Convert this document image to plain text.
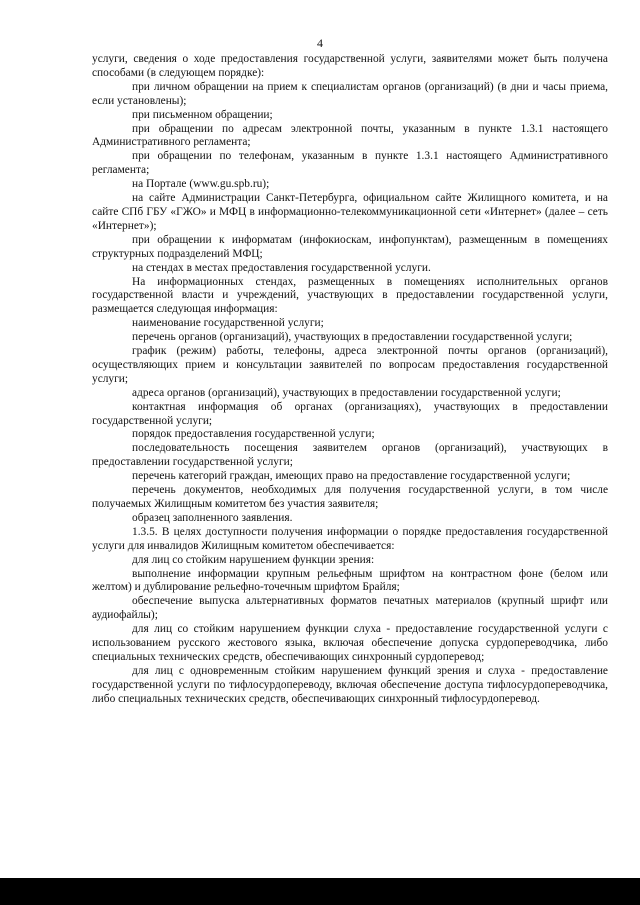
4

услуги, сведения о ходе предоставления государственной услуги, заявителями может быть получена способами (в следующем порядке):

при личном обращении на прием к специалистам органов (организаций) (в дни и часы приема, если установлены);

при письменном обращении;

при обращении по адресам электронной почты, указанным в пункте 1.3.1 настоящего Административного регламента;

при обращении по телефонам, указанным в пункте 1.3.1 настоящего Административного регламента;

на Портале (www.gu.spb.ru);

на сайте Администрации Санкт-Петербурга, официальном сайте Жилищного комитета, и на сайте СПб ГБУ «ГЖО» и МФЦ в информационно-телекоммуникационной сети «Интернет» (далее – сеть «Интернет»);

при обращении к информатам (инфокиоскам, инфопунктам), размещенным в помещениях структурных подразделений МФЦ;

на стендах в местах предоставления государственной услуги.

На информационных стендах, размещенных в помещениях исполнительных органов государственной власти и учреждений, участвующих в предоставлении государственной услуги, размещается следующая информация:

наименование государственной услуги;

перечень органов (организаций), участвующих в предоставлении государственной услуги;

график (режим) работы, телефоны, адреса электронной почты органов (организаций), осуществляющих прием и консультации заявителей по вопросам предоставления государственной услуги;

адреса органов (организаций), участвующих в предоставлении государственной услуги;

контактная информация об органах (организациях), участвующих в предоставлении государственной услуги;

порядок предоставления государственной услуги;

последовательность посещения заявителем органов (организаций), участвующих в предоставлении государственной услуги;

перечень категорий граждан, имеющих право на предоставление государственной услуги;

перечень документов, необходимых для получения государственной услуги, в том числе получаемых Жилищным комитетом без участия заявителя;

образец заполненного заявления.

1.3.5. В целях доступности получения информации о порядке предоставления государственной услуги для инвалидов Жилищным комитетом обеспечивается:

для лиц со стойким нарушением функции зрения:

выполнение информации крупным рельефным шрифтом на контрастном фоне (белом или желтом) и дублирование рельефно-точечным шрифтом Брайля;

обеспечение выпуска альтернативных форматов печатных материалов (крупный шрифт или аудиофайлы);

для лиц со стойким нарушением функции слуха - предоставление государственной услуги с использованием русского жестового языка, включая обеспечение допуска сурдопереводчика, либо специальных технических средств, обеспечивающих синхронный сурдоперевод;

для лиц с одновременным стойким нарушением функций зрения и слуха - предоставление государственной услуги по тифлосурдопереводу, включая обеспечение доступа тифлосурдопереводчика, либо специальных технических средств, обеспечивающих синхронный тифлосурдоперевод.
